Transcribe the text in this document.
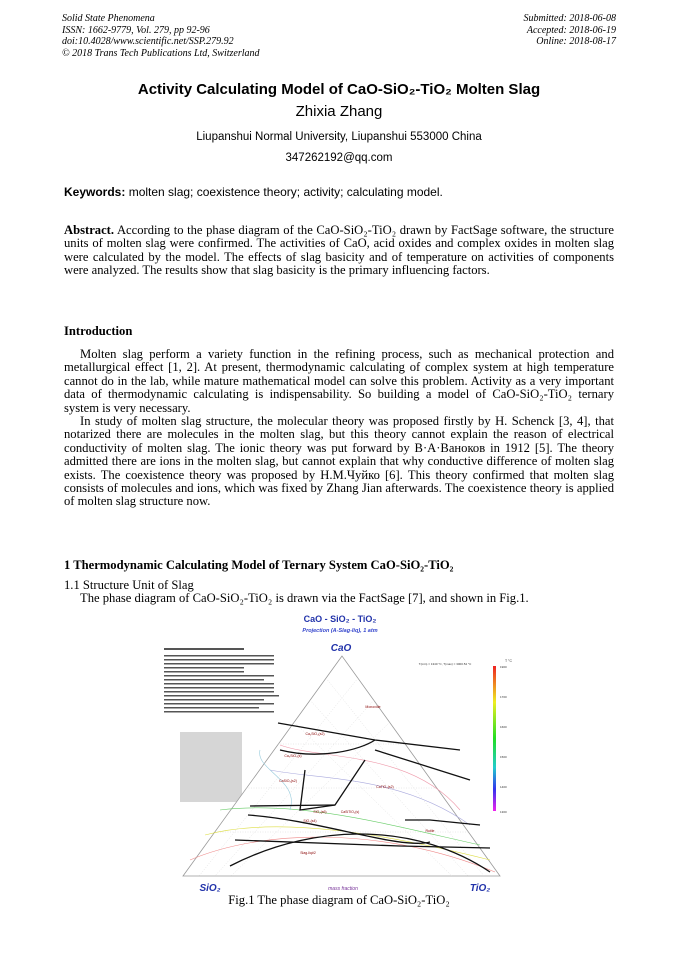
Solid State Phenomena
ISSN: 1662-9779, Vol. 279, pp 92-96
doi:10.4028/www.scientific.net/SSP.279.92
© 2018 Trans Tech Publications Ltd, Switzerland
Submitted: 2018-06-08
Accepted: 2018-06-19
Online: 2018-08-17
Activity Calculating Model of CaO-SiO₂-TiO₂ Molten Slag
Zhixia Zhang
Liupanshui Normal University, Liupanshui 553000 China
347262192@qq.com
Keywords: molten slag; coexistence theory; activity; calculating model.
Abstract. According to the phase diagram of the CaO-SiO₂-TiO₂ drawn by FactSage software, the structure units of molten slag were confirmed. The activities of CaO, acid oxides and complex oxides in molten slag were calculated by the model. The effects of slag basicity and of temperature on activities of components were analyzed. The results show that slag basicity is the primary influencing factors.
Introduction

Molten slag perform a variety function in the refining process, such as mechanical protection and metallurgical effect [1, 2]. At present, thermodynamic calculating of complex system at high temperature cannot do in the lab, while mature mathematical model can solve this problem. Activity as a very important data of thermodynamic calculating is indispensability. So building a model of CaO-SiO₂-TiO₂ ternary system is very necessary.

In study of molten slag structure, the molecular theory was proposed firstly by H. Schenck [3, 4], that notarized there are molecules in the molten slag, but this theory cannot explain the reason of electrical conductivity of molten slag. The ionic theory was put forward by B·A·Ваноков in 1912 [5]. The theory admitted there are ions in the molten slag, but cannot explain that why conductive difference of molten slag exists. The coexistence theory was proposed by H.M.Чуйко [6]. This theory confirmed that molten slag consists of molecules and ions, which was fixed by Zhang Jian afterwards. The coexistence theory is applied of molten slag structure now.

1 Thermodynamic Calculating Model of Ternary System CaO-SiO₂-TiO₂

1.1 Structure Unit of Slag

The phase diagram of CaO-SiO₂-TiO₂ is drawn via the FactSage [7], and shown in Fig.1.

CaO - SiO₂ - TiO₂
Projection (A-Slag-liq), 1 atm
CaO
SiO₂	TiO₂
mass fraction
T(min) = 1340 °C, T(max) = 3000.54 °C
Monoxide
Ca₂SiO₄(s2)
Ca₃SiO₅(s)
CaSiO₃(s2)
CaTiO₃(s2)
SiO₂(s6)
SiO₂(s4)
CaSiTiO₅(s)
Rutile
Slag-liq#2
T °C
1900
1700
1600
1500
1400
1300
Fig.1 The phase diagram of CaO-SiO₂-TiO₂
